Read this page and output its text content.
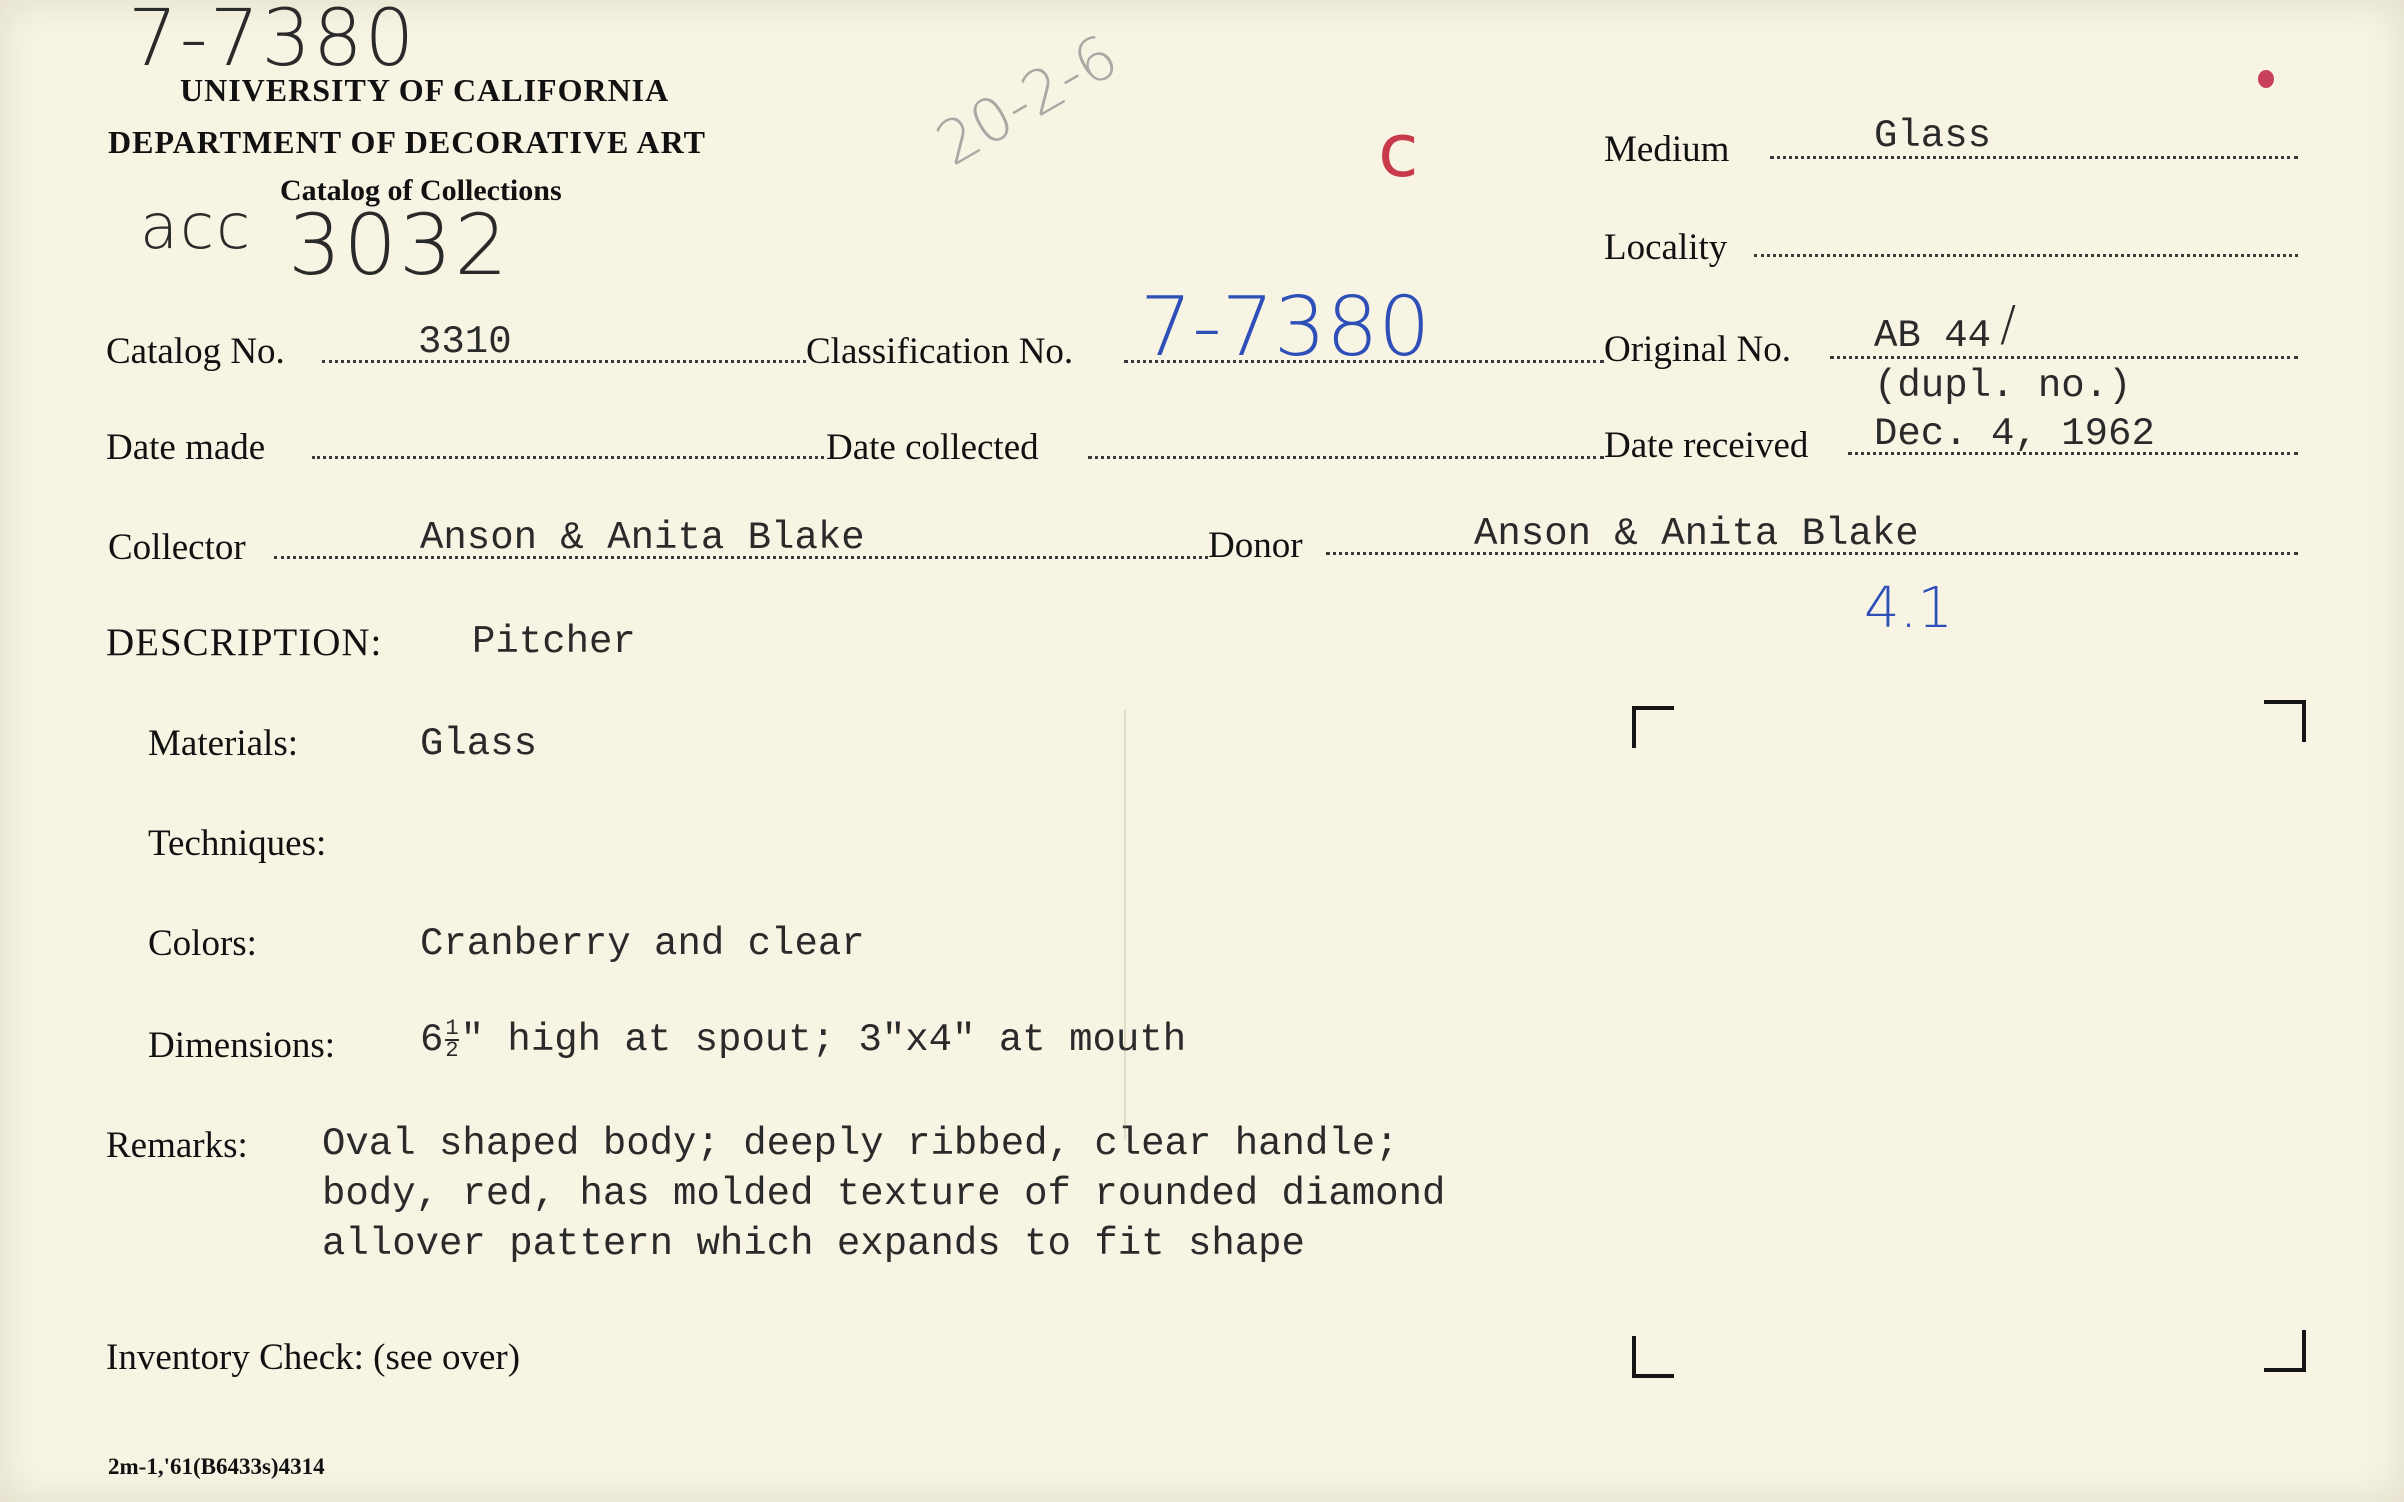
7-7380
UNIVERSITY OF CALIFORNIA
DEPARTMENT OF DECORATIVE ART
Catalog of Collections
acc 3032
20-2-6	c	Medium	Glass
Locality
Catalog No.	3310	Classification No. 7-7380	Original No. AB 44 /
(dupl. no.)
Date made	Date collected	Date received Dec. 4, 1962
Collector	Anson & Anita Blake	Donor	Anson & Anita Blake
4.1
DESCRIPTION: Pitcher
Materials:	Glass
Techniques:
Colors:	Cranberry and clear
Dimensions: $6 \frac{1}{2}$ " high at spout; 3"x4" at mouth
Remarks: Oval shaped body; deeply ribbed, clear handle;
body, red, has molded texture of rounded diamond
allover pattern which expands to fit shape
Inventory Check: (see over)
2m-1,'61(B6433s)4314
